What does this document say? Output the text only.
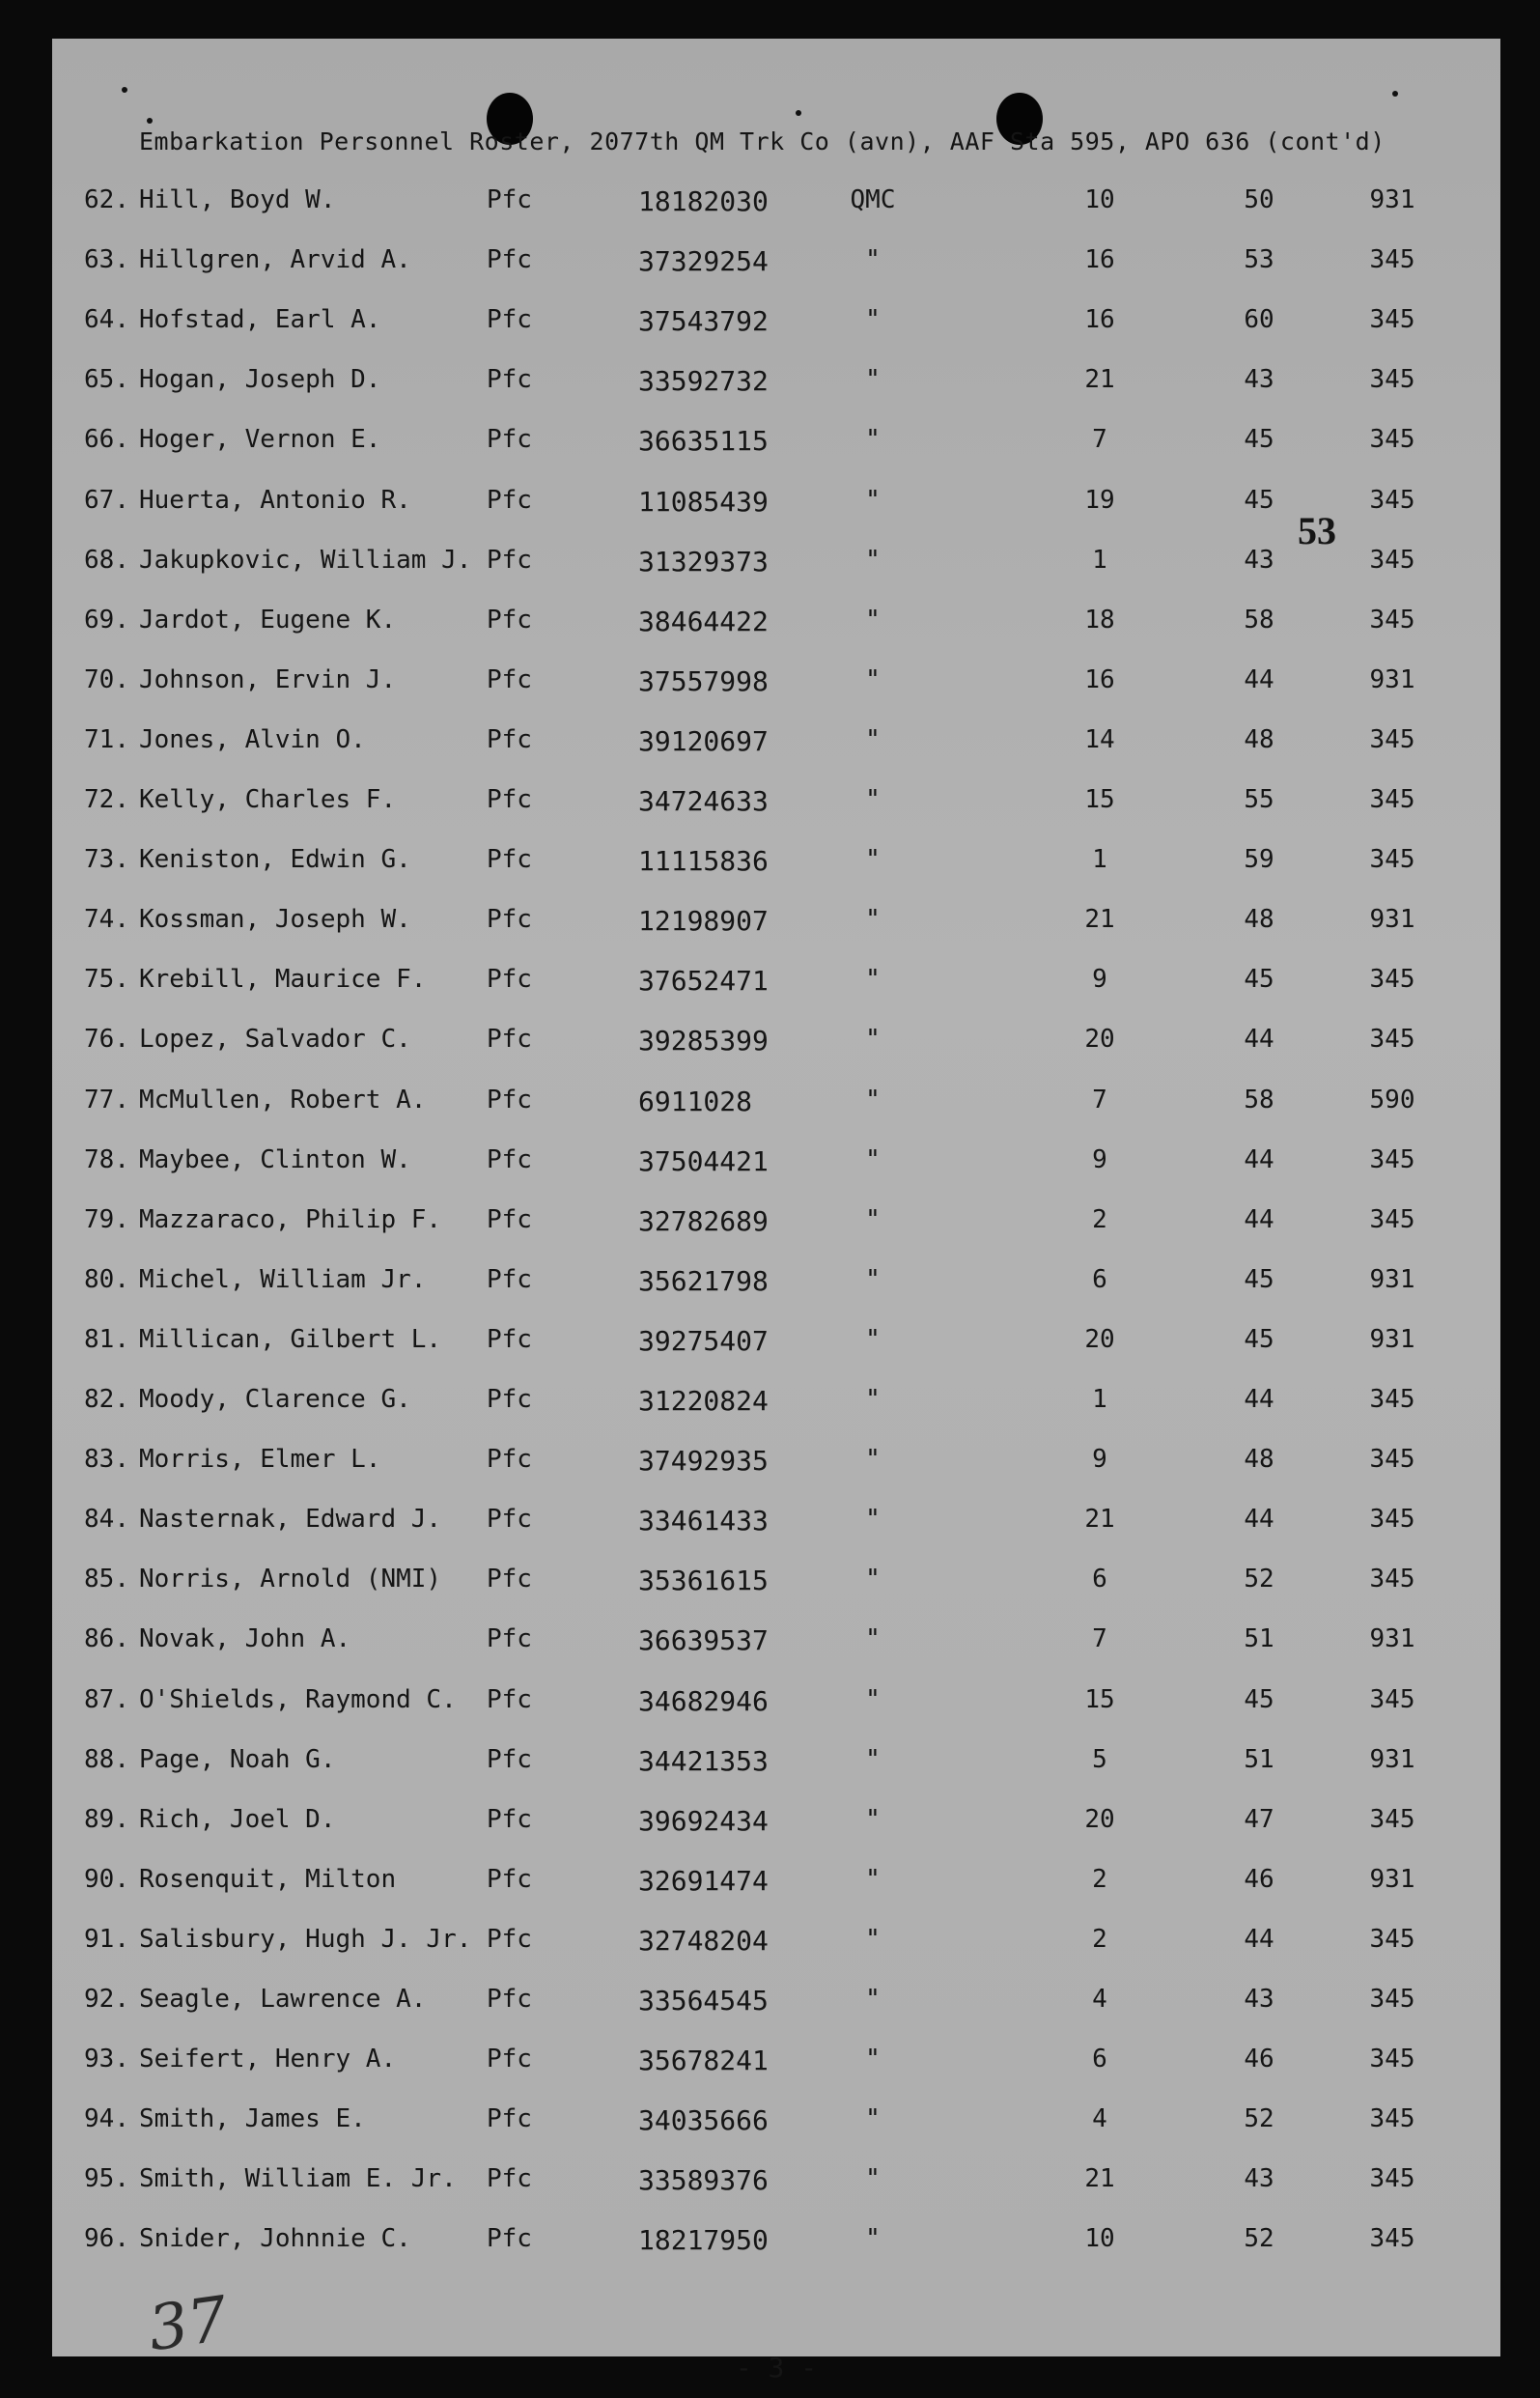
Embarkation Personnel Roster, 2077th QM Trk Co (avn), AAF Sta 595, APO 636 (cont'd)
62. Hill, Boyd W.	Pfc	18182030	QMC	10	50	931
63. Hillgren, Arvid A.	Pfc	37329254	"	16	53	345
64. Hofstad, Earl A.	Pfc	37543792	"	16	60	345
65. Hogan, Joseph D.	Pfc	33592732	"	21	43	345
66. Hoger, Vernon E.	Pfc	36635115	"	7	45	345
67. Huerta, Antonio R.	Pfc	11085439	"	19	45	345
68. Jakupkovic, William J. Pfc	31329373	"	1	43	345
69. Jardot, Eugene K.	Pfc	38464422	"	18	58	345
70. Johnson, Ervin J.	Pfc	37557998	"	16	44	931
71. Jones, Alvin O.	Pfc	39120697	"	14	48	345
72. Kelly, Charles F.	Pfc	34724633	"	15	55	345
73. Keniston, Edwin G.	Pfc	11115836	"	1	59	345
74. Kossman, Joseph W.	Pfc	12198907	"	21	48	931
75. Krebill, Maurice F. Pfc	37652471	"	9	45	345
76. Lopez, Salvador C.	Pfc	39285399	"	20	44	345
77. McMullen, Robert A. Pfc	6911028	"	7	58	590
78. Maybee, Clinton W.	Pfc	37504421	"	9	44	345
79. Mazzaraco, Philip F. Pfc	32782689	"	2	44	345
80. Michel, William Jr. Pfc	35621798	"	6	45	931
81. Millican, Gilbert L. Pfc	39275407	"	20	45	931
82. Moody, Clarence G.	Pfc	31220824	"	1	44	345
83. Morris, Elmer L.	Pfc	37492935	"	9	48	345
84. Nasternak, Edward J. Pfc	33461433	"	21	44	345
85. Norris, Arnold (NMI) Pfc	35361615	"	6	52	345
86. Novak, John A.	Pfc	36639537	"	7	51	931
87. O'Shields, Raymond C. Pfc	34682946	"	15	45	345
88. Page, Noah G.	Pfc	34421353	"	5	51	931
89. Rich, Joel D.	Pfc	39692434	"	20	47	345
90. Rosenquit, Milton	Pfc	32691474	"	2	46	931
91. Salisbury, Hugh J. Jr. Pfc	32748204	"	2	44	345
92. Seagle, Lawrence A. Pfc	33564545	"	4	43	345
93. Seifert, Henry A.	Pfc	35678241	"	6	46	345
94. Smith, James E.	Pfc	34035666	"	4	52	345
95. Smith, William E. Jr. Pfc	33589376	"	21	43	345
96. Snider, Johnnie C.	Pfc	18217950	"	10	52	345
53
37
- 3 -
